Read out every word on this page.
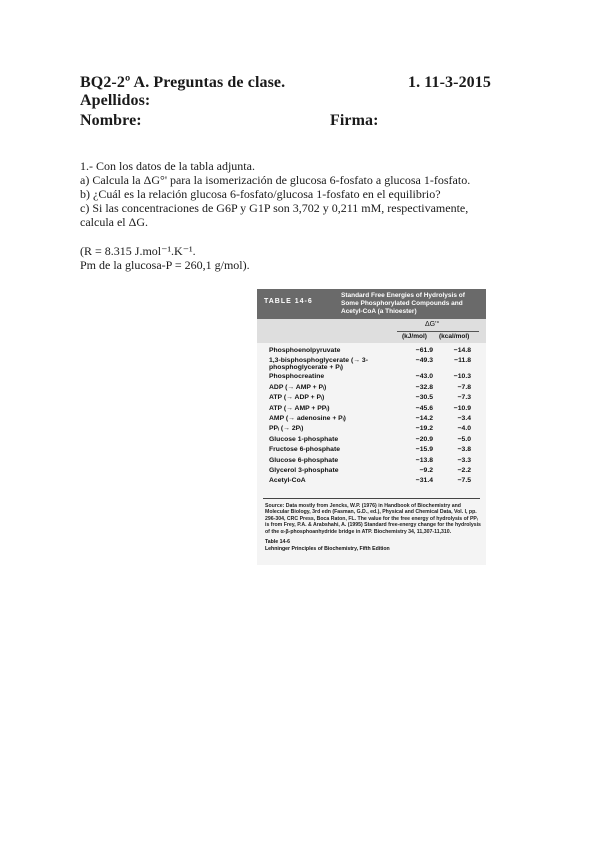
BQ2-2º A. Preguntas de clase.	1. 11-3-2015
Apellidos:
Nombre:	Firma:
1.- Con los datos de la tabla adjunta.
a) Calcula la ΔG°' para la isomerización de glucosa 6-fosfato a glucosa 1-fosfato.
b) ¿Cuál es la relación glucosa 6-fosfato/glucosa 1-fosfato en el equilibrio?
c) Si las concentraciones de G6P y G1P son 3,702 y 0,211 mM, respectivamente,
calcula el ΔG.
(R = 8.315 J.mol⁻¹.K⁻¹.
Pm de la glucosa-P = 260,1 g/mol).
TABLE 14-6
Standard Free Energies of Hydrolysis of Some Phosphorylated Compounds and Acetyl-CoA (a Thioester)
ΔG'°
(kJ/mol) (kcal/mol)
Phosphoenolpyruvate	−61.9	−14.8
1,3-bisphosphoglycerate (→ 3-phosphoglycerate + Pᵢ)
−49.3	−11.8
Phosphocreatine	−43.0	−10.3
ADP (→ AMP + Pᵢ)	−32.8	−7.8
ATP (→ ADP + Pᵢ)	−30.5	−7.3
ATP (→ AMP + PPᵢ)	−45.6	−10.9
AMP (→ adenosine + Pᵢ)	−14.2	−3.4
PPᵢ (→ 2Pᵢ)	−19.2	−4.0
Glucose 1-phosphate	−20.9	−5.0
Fructose 6-phosphate	−15.9	−3.8
Glucose 6-phosphate	−13.8	−3.3
Glycerol 3-phosphate	−9.2	−2.2
Acetyl-CoA	−31.4	−7.5
Source: Data mostly from Jencks, W.P. (1976) in Handbook of Biochemistry and Molecular Biology, 3rd edn (Fasman, G.D., ed.), Physical and Chemical Data, Vol. I, pp. 296-304, CRC Press, Boca Raton, FL. The value for the free energy of hydrolysis of PPᵢ is from Frey, P.A. & Arabshahi, A. (1995) Standard free-energy change for the hydrolysis of the α-β-phosphoanhydride bridge in ATP. Biochemistry 34, 11,307-11,310.
Table 14-6
Lehninger Principles of Biochemistry, Fifth Edition
